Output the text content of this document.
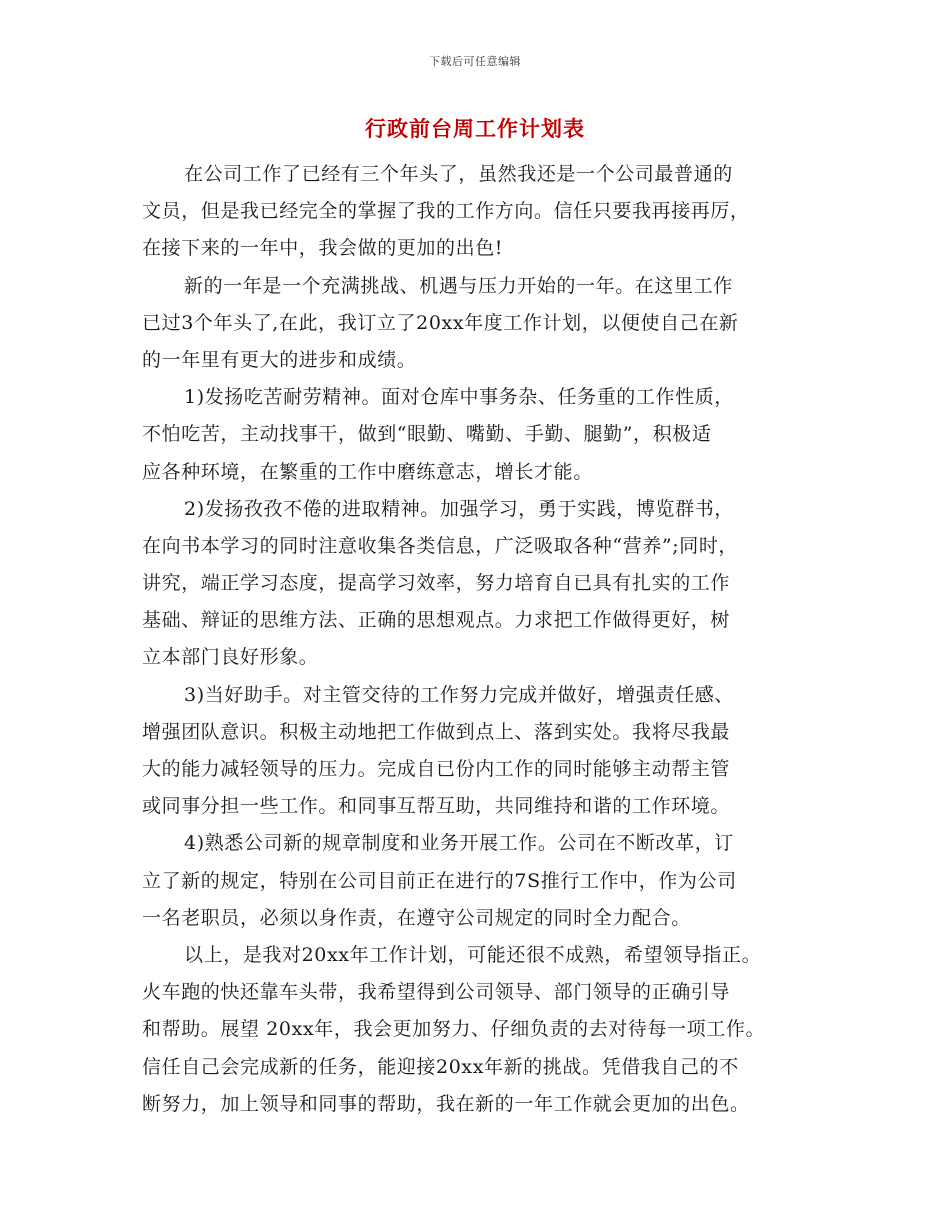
下载后可任意编辑
行政前台周工作计划表
在公司工作了已经有三个年头了，虽然我还是一个公司最普通的
文员，但是我已经完全的掌握了我的工作方向。信任只要我再接再厉，
在接下来的一年中，我会做的更加的出色!
新的一年是一个充满挑战、机遇与压力开始的一年。在这里工作
已过3个年头了,在此，我订立了20xx年度工作计划，以便使自己在新
的一年里有更大的进步和成绩。
1)发扬吃苦耐劳精神。面对仓库中事务杂、任务重的工作性质，
不怕吃苦，主动找事干，做到“眼勤、嘴勤、手勤、腿勤”，积极适
应各种环境，在繁重的工作中磨练意志，增长才能。
2)发扬孜孜不倦的进取精神。加强学习，勇于实践，博览群书，
在向书本学习的同时注意收集各类信息，广泛吸取各种“营养”;同时，
讲究，端正学习态度，提高学习效率，努力培育自已具有扎实的工作
基础、辩证的思维方法、正确的思想观点。力求把工作做得更好，树
立本部门良好形象。
3)当好助手。对主管交待的工作努力完成并做好，增强责任感、
增强团队意识。积极主动地把工作做到点上、落到实处。我将尽我最
大的能力减轻领导的压力。完成自已份内工作的同时能够主动帮主管
或同事分担一些工作。和同事互帮互助，共同维持和谐的工作环境。
4)熟悉公司新的规章制度和业务开展工作。公司在不断改革，订
立了新的规定，特别在公司目前正在进行的7S推行工作中，作为公司
一名老职员，必须以身作责，在遵守公司规定的同时全力配合。
以上，是我对20xx年工作计划，可能还很不成熟，希望领导指正。
火车跑的快还靠车头带，我希望得到公司领导、部门领导的正确引导
和帮助。展望 20xx年，我会更加努力、仔细负责的去对待每一项工作。
信任自己会完成新的任务，能迎接20xx年新的挑战。凭借我自己的不
断努力，加上领导和同事的帮助，我在新的一年工作就会更加的出色。
